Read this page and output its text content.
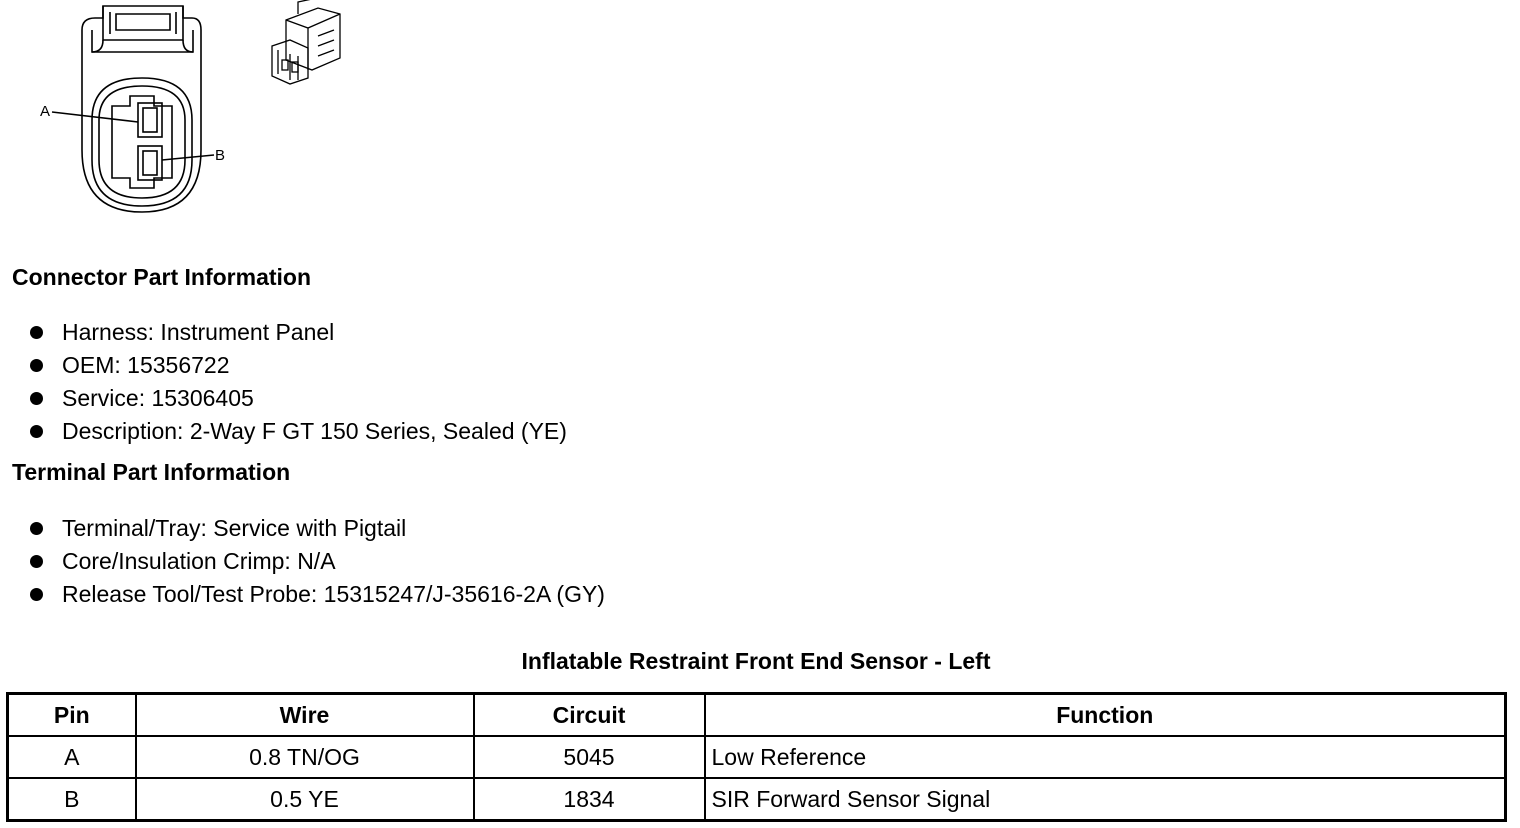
A
B
Connector Part Information
Harness: Instrument Panel
OEM: 15356722
Service: 15306405
Description: 2-Way F GT 150 Series, Sealed (YE)
Terminal Part Information
Terminal/Tray: Service with Pigtail
Core/Insulation Crimp: N/A
Release Tool/Test Probe: 15315247/J-35616-2A (GY)
Inflatable Restraint Front End Sensor - Left
Pin	Wire	Circuit	Function
A	0.8 TN/OG	5045	Low Reference
B	0.5 YE	1834	SIR Forward Sensor Signal
